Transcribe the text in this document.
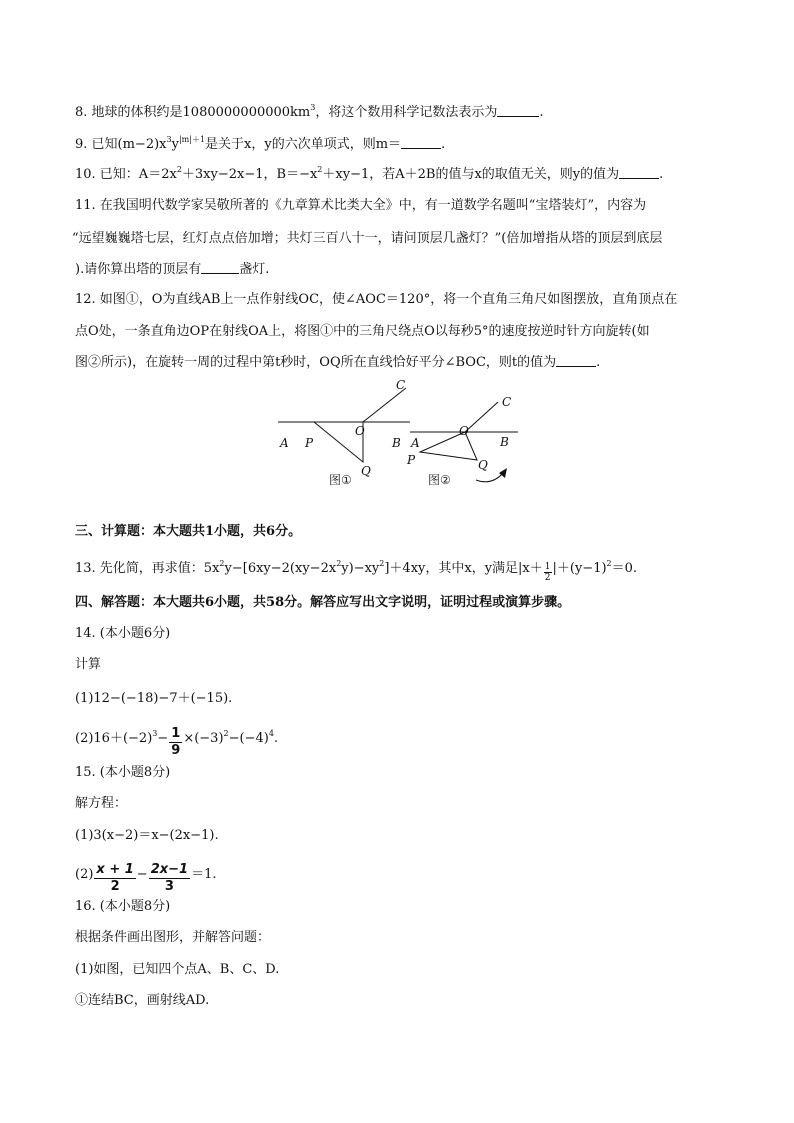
8. 地球的体积约是$1080000000000km^3$，将这个数用科学记数法表示为	.
9. 已知$(m-2)x^3y^{|m|+1}$是关于x，y的六次单项式，则m＝	.
10. 已知：$A=2x^2+3xy-2x-1$，$B=-x^2+xy-1$，若A＋2B的值与x的取值无关，则y的值为	.
11. 在我国明代数学家吴敬所著的《九章算术比类大全》中，有一道数学名题叫“宝塔装灯”，内容为
“远望巍巍塔七层，红灯点点倍加增；共灯三百八十一，请问顶层几盏灯？”(倍加增指从塔的顶层到底层
).请你算出塔的顶层有	盏灯.
12. 如图①，O为直线AB上一点作射线OC，使∠AOC＝120°，将一个直角三角尺如图摆放，直角顶点在
点O处，一条直角边OP在射线OA上，将图①中的三角尺绕点O以每秒5°的速度按逆时针方向旋转(如
图②所示)，在旋转一周的过程中第t秒时，OQ所在直线恰好平分∠BOC，则t的值为	.
A P
O
B
C
Q
图①
A
P
O
B
C
Q
图②
三、计算题：本大题共1小题，共6分。
13. 先化简，再求值：$5x^2y-[6xy-2(xy-2x^2y)-xy^2]+4xy$，其中x，y满足$|x+ \frac{1}{2} |+(y-1)^2=0$.
四、解答题：本大题共6小题，共58分。解答应写出文字说明，证明过程或演算步骤。
14. (本小题6分)
计算
(1)12−(−18)−7＋(−15).
$(2)16+(-2)^3- \frac{1}{9} \times(-3)^2-(-4)^4$.
15. (本小题8分)
解方程：
(1)3(x−2)＝x−(2x−1).
$(2) \frac{x + 1}{2} - \frac{2x-1}{3} =1$.
16. (本小题8分)
根据条件画出图形，并解答问题：
(1)如图，已知四个点A、B、C、D.
①连结BC，画射线AD.
